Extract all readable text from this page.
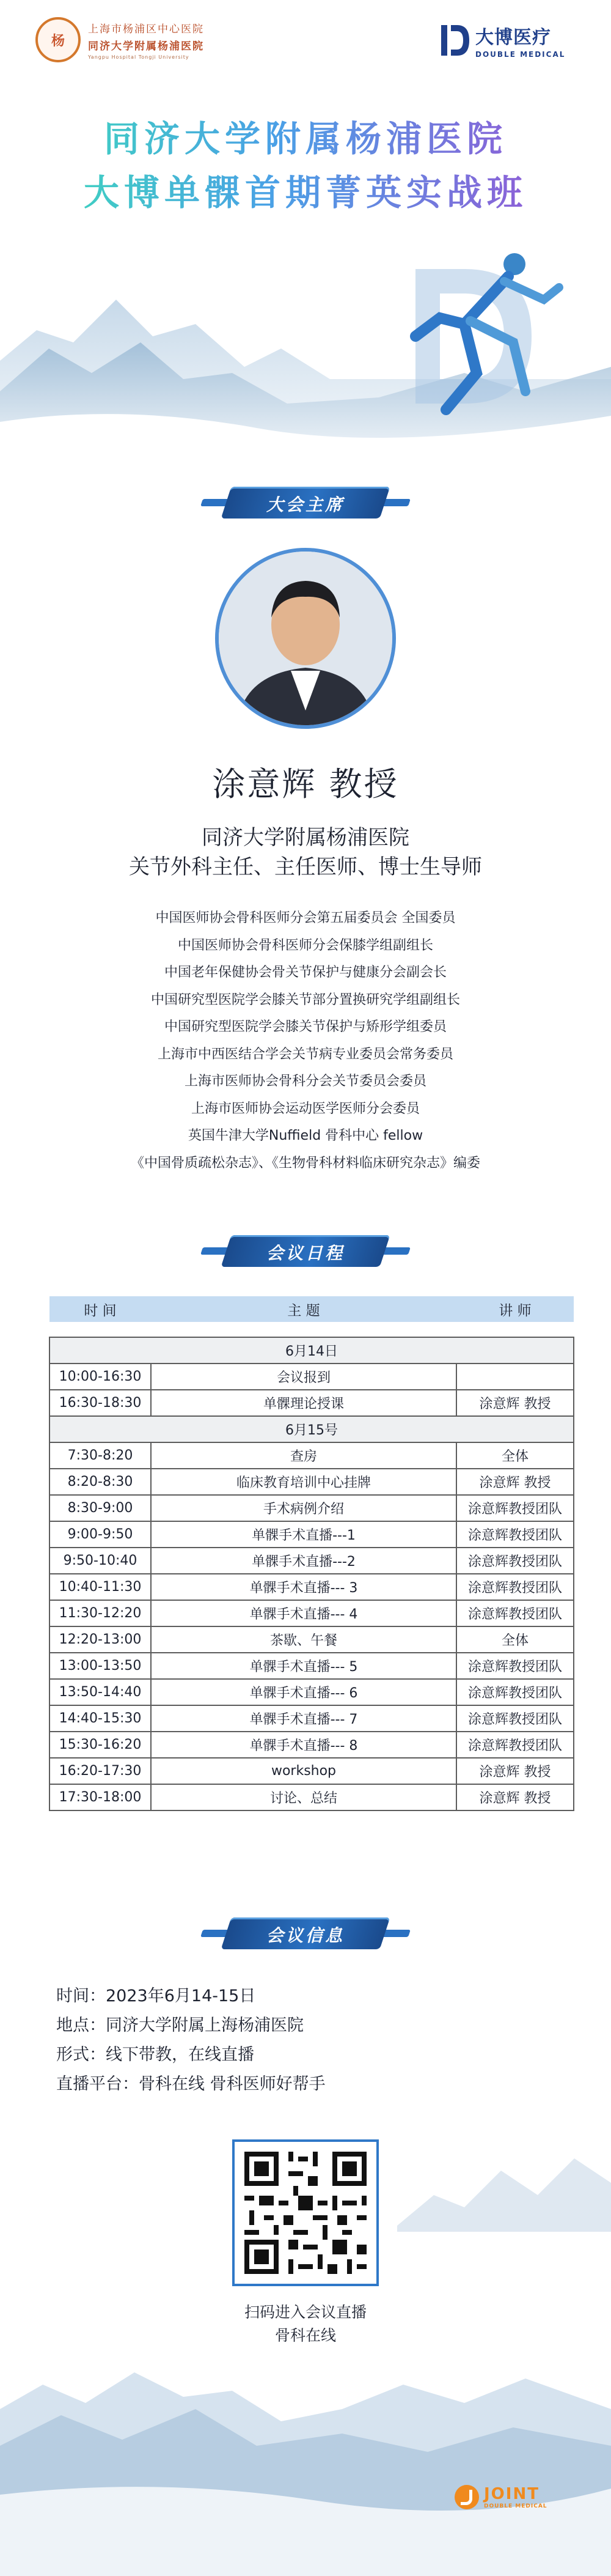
杨
上海市杨浦区中心医院
同济大学附属杨浦医院
Yangpu Hospital Tongji University
大博医疗
DOUBLE MEDICAL
同济大学附属杨浦医院
大博单髁首期菁英实战班
大会主席
涂意辉 教授
同济大学附属杨浦医院
关节外科主任、主任医师、博士生导师
中国医师协会骨科医师分会第五届委员会 全国委员
中国医师协会骨科医师分会保膝学组副组长
中国老年保健协会骨关节保护与健康分会副会长
中国研究型医院学会膝关节部分置换研究学组副组长
中国研究型医院学会膝关节保护与矫形学组委员
上海市中西医结合学会关节病专业委员会常务委员
上海市医师协会骨科分会关节委员会委员
上海市医师协会运动医学医师分会委员
英国牛津大学Nuffield 骨科中心 fellow
《中国骨质疏松杂志》、《生物骨科材料临床研究杂志》编委
会议日程
时 间	主 题	讲 师

6月14日		
10:00-16:30	会议报到	
16:30-18:30	单髁理论授课	涂意辉 教授
6月15号		
7:30-8:20	查房	全体
8:20-8:30	临床教育培训中心挂牌	涂意辉 教授
8:30-9:00	手术病例介绍	涂意辉教授团队
9:00-9:50	单髁手术直播---1	涂意辉教授团队
9:50-10:40	单髁手术直播---2	涂意辉教授团队
10:40-11:30	单髁手术直播--- 3	涂意辉教授团队
11:30-12:20	单髁手术直播--- 4	涂意辉教授团队
12:20-13:00	茶歇、午餐	全体
13:00-13:50	单髁手术直播--- 5	涂意辉教授团队
13:50-14:40	单髁手术直播--- 6	涂意辉教授团队
14:40-15:30	单髁手术直播--- 7	涂意辉教授团队
15:30-16:20	单髁手术直播--- 8	涂意辉教授团队
16:20-17:30	workshop	涂意辉 教授
17:30-18:00	讨论、总结	涂意辉 教授
会议信息
时间：2023年6月14-15日
地点：同济大学附属上海杨浦医院
形式：线下带教，在线直播
直播平台：骨科在线 骨科医师好帮手
扫码进入会议直播
骨科在线
JOINT
DOUBLE MEDICAL
